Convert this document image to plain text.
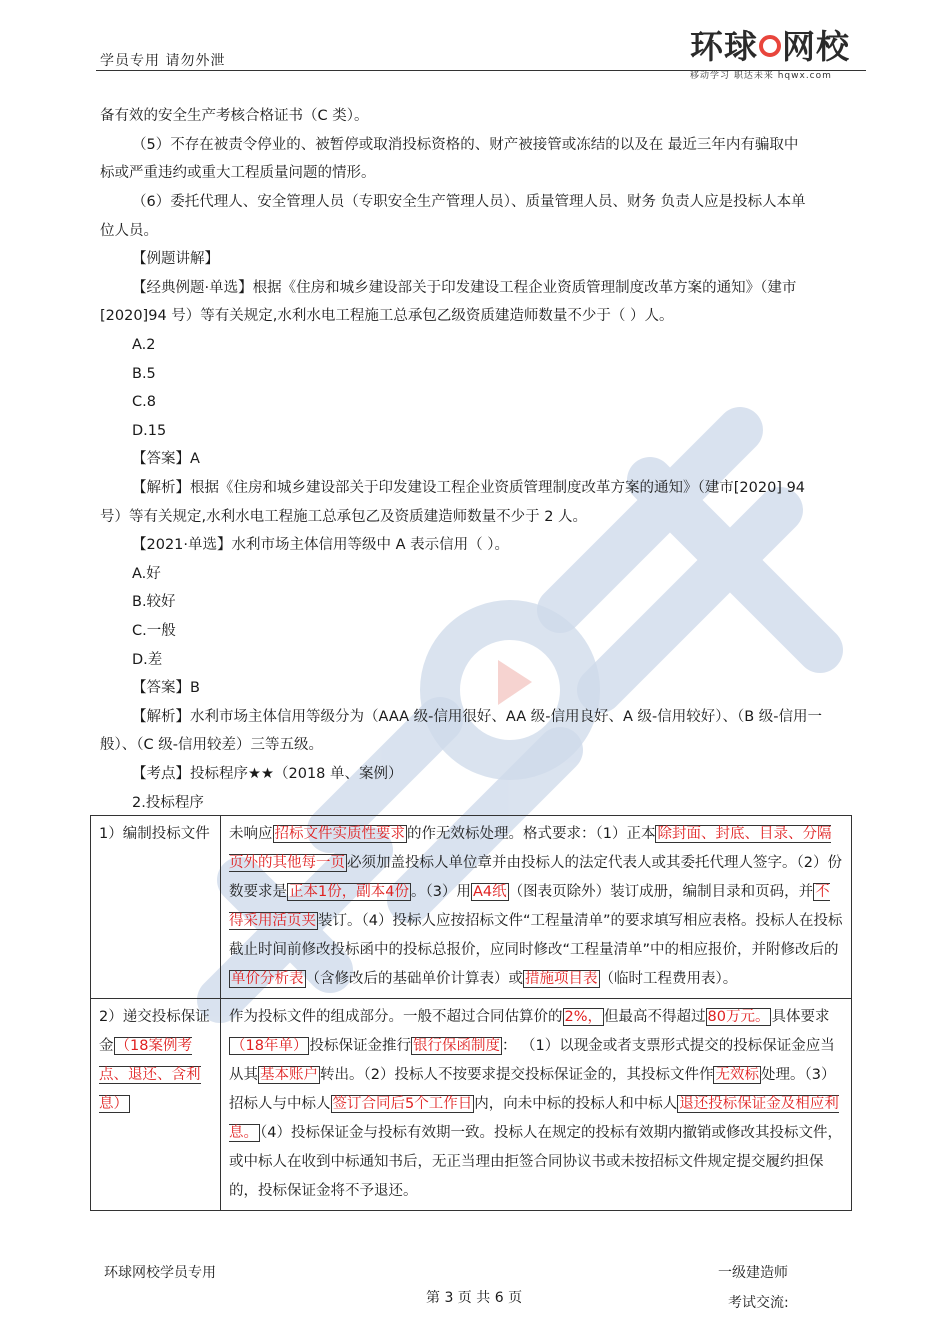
学员专用 请勿外泄	环球 网校
移动学习 职达未来 hqwx.com
备有效的安全生产考核合格证书（C 类）。
（5）不存在被责令停业的、被暂停或取消投标资格的、财产被接管或冻结的以及在 最近三年内有骗取中
标或严重违约或重大工程质量问题的情形。
（6）委托代理人、安全管理人员（专职安全生产管理人员）、质量管理人员、财务 负责人应是投标人本单
位人员。
【例题讲解】
【经典例题·单选】根据《住房和城乡建设部关于印发建设工程企业资质管理制度改革方案的通知》（建市
[2020]94 号）等有关规定,水利水电工程施工总承包乙级资质建造师数量不少于（ ）人。
A.2
B.5
C.8
D.15
【答案】A
【解析】根据《住房和城乡建设部关于印发建设工程企业资质管理制度改革方案的通知》（建市[2020] 94
号）等有关规定,水利水电工程施工总承包乙及资质建造师数量不少于 2 人。
【2021·单选】水利市场主体信用等级中 A 表示信用（ ）。
A.好
B.较好
C.一般
D.差
【答案】B
【解析】水利市场主体信用等级分为（AAA 级-信用很好、AA 级-信用良好、A 级-信用较好）、（B 级-信用一
般）、（C 级-信用较差）三等五级。
【考点】投标程序★★（2018 单、案例）
2.投标程序
1）编制投标文件	未响应 招标文件实质性要求 的作无效标处理。格式要求：（1）正本 除封面、封底、目录、分隔页外的其他每一页 必须加盖投标人单位章并由投标人的法定代表人或其委托代理人签字。（2）份数要求是 正本1份，副本4份 。（3）用 A4纸 （图表页除外）装订成册，编制目录和页码，并 不得采用活页夹 装订。（4）投标人应按招标文件“工程量清单”的要求填写相应表格。投标人在投标截止时间前修改投标函中的投标总报价，应同时修改“工程量清单”中的相应报价，并附修改后的单价分析表 （含修改后的基础单价计算表）或 措施项目表 （临时工程费用表）。
2）递交投标保证金 （18案例考点、退还、含利息）	作为投标文件的组成部分。一般不超过合同估算价的 2%， 但最高不得超过 80万元。 具体要求（18年单） 投标保证金推行 银行保函制度 ： （1）以现金或者支票形式提交的投标保证金应当从其 基本账户 转出。（2）投标人不按要求提交投标保证金的，其投标文件作 无效标 处理。（3）招标人与中标人 签订合同后5个工作日 内，向未中标的投标人和中标人 退还投标保证金及相应利息。 （4）投标保证金与投标有效期一致。投标人在规定的投标有效期内撤销或修改其投标文件，或中标人在收到中标通知书后，无正当理由拒签合同协议书或未按招标文件规定提交履约担保的，投标保证金将不予退还。
环球网校学员专用	一级建造师
第 3 页 共 6 页	考试交流:
